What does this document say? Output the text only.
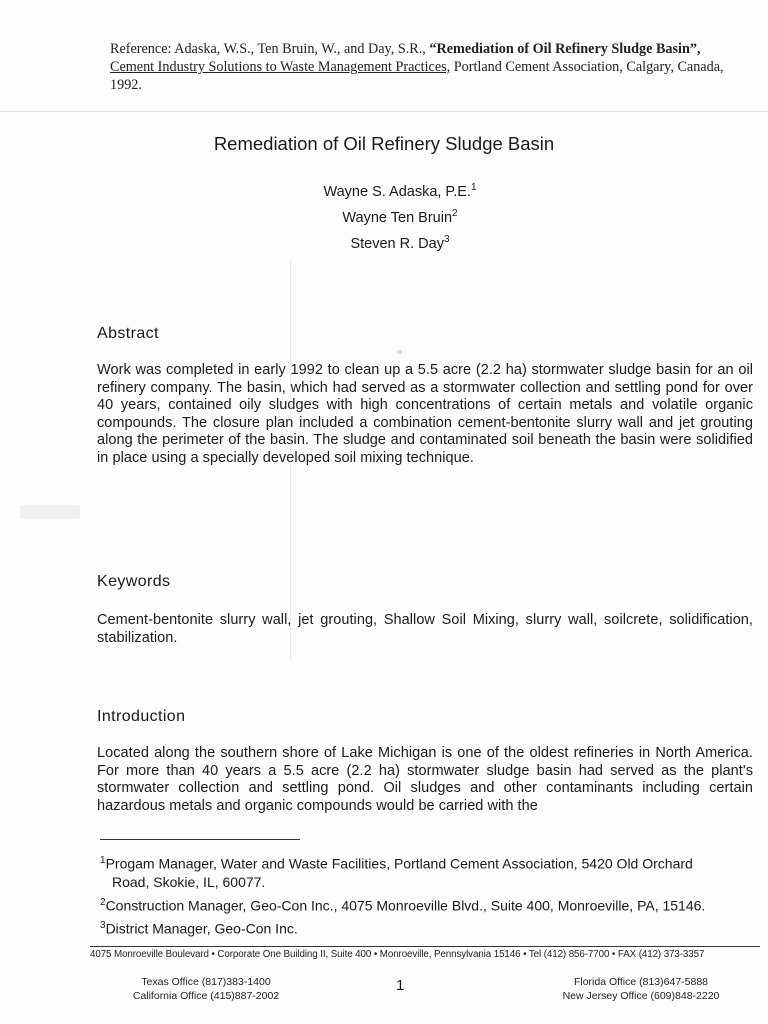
Reference: Adaska, W.S., Ten Bruin, W., and Day, S.R., “Remediation of Oil Refinery Sludge Basin”,
Cement Industry Solutions to Waste Management Practices, Portland Cement Association, Calgary, Canada, 1992.
Remediation of Oil Refinery Sludge Basin
Wayne S. Adaska, P.E.$^1$
Wayne Ten Bruin$^2$
Steven R. Day$^3$
Abstract
Work was completed in early 1992 to clean up a 5.5 acre (2.2 ha) stormwater sludge basin for an oil refinery company. The basin, which had served as a stormwater collection and settling pond for over 40 years, contained oily sludges with high concentrations of certain metals and volatile organic compounds. The closure plan included a combination cement-bentonite slurry wall and jet grouting along the perimeter of the basin. The sludge and contaminated soil beneath the basin were solidified in place using a specially developed soil mixing technique.
Keywords
Cement-bentonite slurry wall, jet grouting, Shallow Soil Mixing, slurry wall, soilcrete, solidification, stabilization.
Introduction
Located along the southern shore of Lake Michigan is one of the oldest refineries in North America. For more than 40 years a 5.5 acre (2.2 ha) stormwater sludge basin had served as the plant's stormwater collection and settling pond. Oil sludges and other contaminants including certain hazardous metals and organic compounds would be carried with the
$^1$Progam Manager, Water and Waste Facilities, Portland Cement Association, 5420 Old Orchard
Road, Skokie, IL, 60077.
$^2$Construction Manager, Geo-Con Inc., 4075 Monroeville Blvd., Suite 400, Monroeville, PA, 15146.
$^3$District Manager, Geo-Con Inc.
4075 Monroeville Boulevard • Corporate One Building II, Suite 400 • Monroeville, Pennsylvania 15146 • Tel (412) 856-7700 • FAX (412) 373-3357
Texas Office (817)383-1400
California Office (415)887-2002
1	Florida Office (813)647-5888
New Jersey Office (609)848-2220
